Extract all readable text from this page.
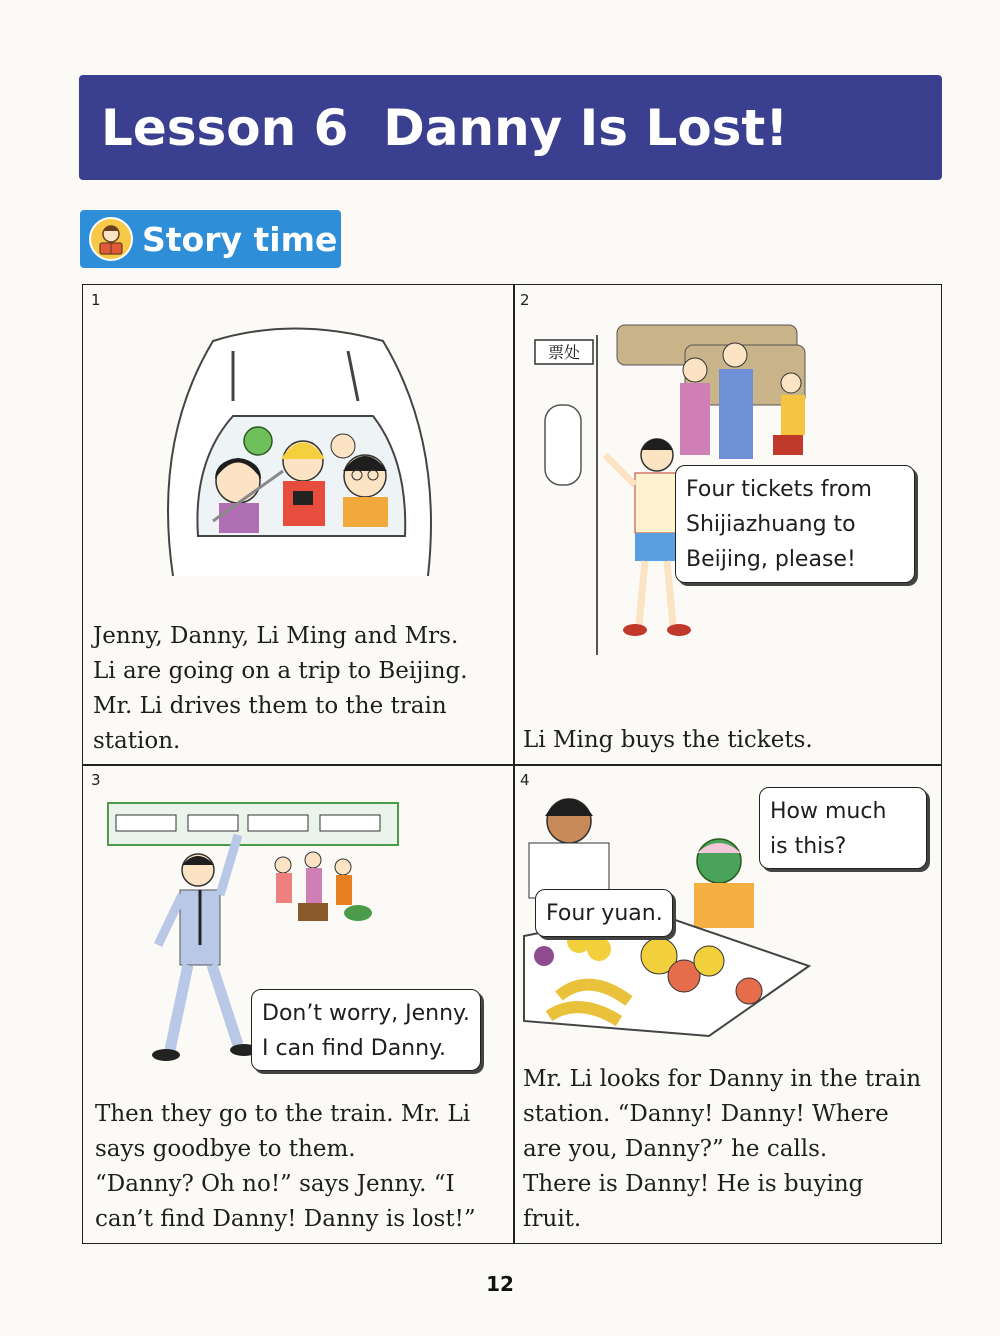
Lesson 6  Danny Is Lost!
Story time
1

Jenny, Danny, Li Ming and Mrs.
Li are going on a trip to Beijing.
Mr. Li drives them to the train
station.

2
票处
Four tickets from
Shijiazhuang to
Beijing, please!

Li Ming buys the tickets.

3
Don’t worry, Jenny.
I can find Danny.

Then they go to the train. Mr. Li
says goodbye to them.
“Danny? Oh no!” says Jenny. “I
can’t find Danny! Danny is lost!”

4
How much
is this?
Four yuan.

Mr. Li looks for Danny in the train
station. “Danny! Danny! Where
are you, Danny?” he calls.
There is Danny! He is buying
fruit.

12
